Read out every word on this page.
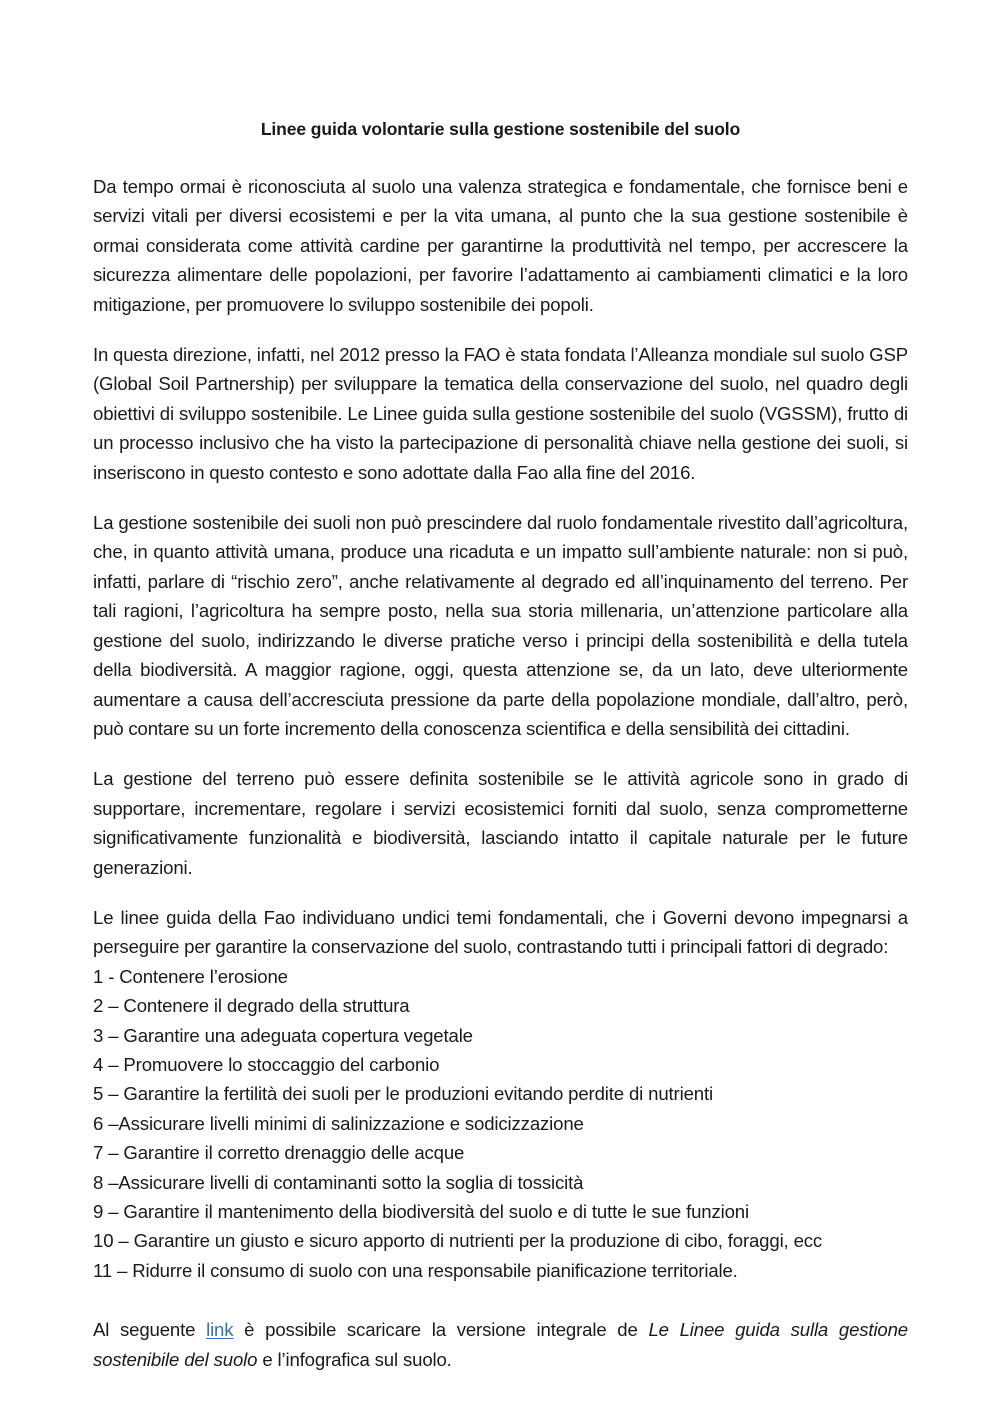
Linee guida volontarie sulla gestione sostenibile del suolo

Da tempo ormai è riconosciuta al suolo una valenza strategica e fondamentale, che fornisce beni e servizi vitali per diversi ecosistemi e per la vita umana, al punto che la sua gestione sostenibile è ormai considerata come attività cardine per garantirne la produttività nel tempo, per accrescere la sicurezza alimentare delle popolazioni, per favorire l’adattamento ai cambiamenti climatici e la loro mitigazione, per promuovere lo sviluppo sostenibile dei popoli.

In questa direzione, infatti, nel 2012 presso la FAO è stata fondata l’Alleanza mondiale sul suolo GSP (Global Soil Partnership) per sviluppare la tematica della conservazione del suolo, nel quadro degli obiettivi di sviluppo sostenibile. Le Linee guida sulla gestione sostenibile del suolo (VGSSM), frutto di un processo inclusivo che ha visto la partecipazione di personalità chiave nella gestione dei suoli, si inseriscono in questo contesto e sono adottate dalla Fao alla fine del 2016.

La gestione sostenibile dei suoli non può prescindere dal ruolo fondamentale rivestito dall’agricoltura, che, in quanto attività umana, produce una ricaduta e un impatto sull’ambiente naturale: non si può, infatti, parlare di “rischio zero”, anche relativamente al degrado ed all’inquinamento del terreno. Per tali ragioni, l’agricoltura ha sempre posto, nella sua storia millenaria, un’attenzione particolare alla gestione del suolo, indirizzando le diverse pratiche verso i principi della sostenibilità e della tutela della biodiversità. A maggior ragione, oggi, questa attenzione se, da un lato, deve ulteriormente aumentare a causa dell’accresciuta pressione da parte della popolazione mondiale, dall’altro, però, può contare su un forte incremento della conoscenza scientifica e della sensibilità dei cittadini.

La gestione del terreno può essere definita sostenibile se le attività agricole sono in grado di supportare, incrementare, regolare i servizi ecosistemici forniti dal suolo, senza comprometterne significativamente funzionalità e biodiversità, lasciando intatto il capitale naturale per le future generazioni.

Le linee guida della Fao individuano undici temi fondamentali, che i Governi devono impegnarsi a perseguire per garantire la conservazione del suolo, contrastando tutti i principali fattori di degrado:

1 - Contenere l’erosione
2 – Contenere il degrado della struttura
3 – Garantire una adeguata copertura vegetale
4 – Promuovere lo stoccaggio del carbonio
5 – Garantire la fertilità dei suoli per le produzioni evitando perdite di nutrienti
6 –Assicurare livelli minimi di salinizzazione e sodicizzazione
7 – Garantire il corretto drenaggio delle acque
8 –Assicurare livelli di contaminanti sotto la soglia di tossicità
9 – Garantire il mantenimento della biodiversità del suolo e di tutte le sue funzioni
10 – Garantire un giusto e sicuro apporto di nutrienti per la produzione di cibo, foraggi, ecc
11 – Ridurre il consumo di suolo con una responsabile pianificazione territoriale.

Al seguente link è possibile scaricare la versione integrale de Le Linee guida sulla gestione sostenibile del suolo e l’infografica sul suolo.
